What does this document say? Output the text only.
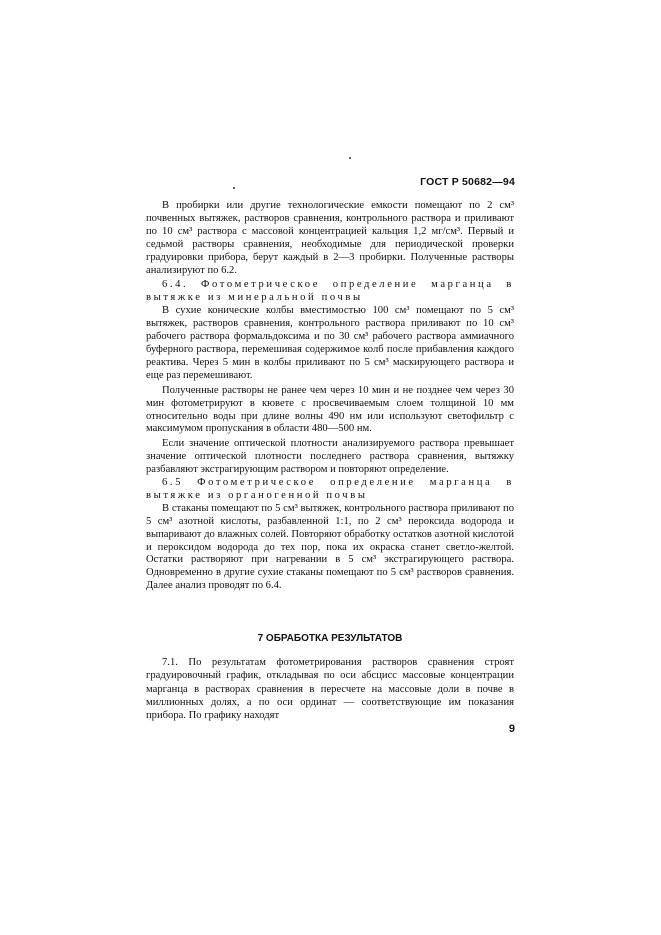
ГОСТ Р 50682—94

В пробирки или другие технологические емкости помещают по 2 см³ почвенных вытяжек, растворов сравнения, контрольного раствора и приливают по 10 см³ раствора с массовой концентрацией кальция 1,2 мг/см³. Первый и седьмой растворы сравнения, необходимые для периодической проверки градуировки прибора, берут каждый в 2—3 пробирки. Полученные растворы анализируют по 6.2.

6.4. Фотометрическое определение марганца в вытяжке из минеральной почвы

В сухие конические колбы вместимостью 100 см³ помещают по 5 см³ вытяжек, растворов сравнения, контрольного раствора приливают по 10 см³ рабочего раствора формальдоксима и по 30 см³ рабочего раствора аммиачного буферного раствора, перемешивая содержимое колб после прибавления каждого реактива. Через 5 мин в колбы приливают по 5 см³ маскирующего раствора и еще раз перемешивают.

Полученные растворы не ранее чем через 10 мин и не позднее чем через 30 мин фотометрируют в кювете с просвечиваемым слоем толщиной 10 мм относительно воды при длине волны 490 нм или используют светофильтр с максимумом пропускания в области 480—500 нм.

Если значение оптической плотности анализируемого раствора превышает значение оптической плотности последнего раствора сравнения, вытяжку разбавляют экстрагирующим раствором и повторяют определение.

6.5 Фотометрическое определение марганца в вытяжке из органогенной почвы

В стаканы помещают по 5 см³ вытяжек, контрольного раствора приливают по 5 см³ азотной кислоты, разбавленной 1:1, по 2 см³ пероксида водорода и выпаривают до влажных солей. Повторяют обработку остатков азотной кислотой и пероксидом водорода до тех пор, пока их окраска станет светло-желтой. Остатки растворяют при нагревании в 5 см³ экстрагирующего раствора. Одновременно в другие сухие стаканы помещают по 5 см³ растворов сравнения. Далее анализ проводят по 6.4.

7 ОБРАБОТКА РЕЗУЛЬТАТОВ

7.1. По результатам фотометрирования растворов сравнения строят градуировочный график, откладывая по оси абсцисс массовые концентрации марганца в растворах сравнения в пересчете на массовые доли в почве в миллионных долях, а по оси ординат — соответствующие им показания прибора. По графику находят

9
